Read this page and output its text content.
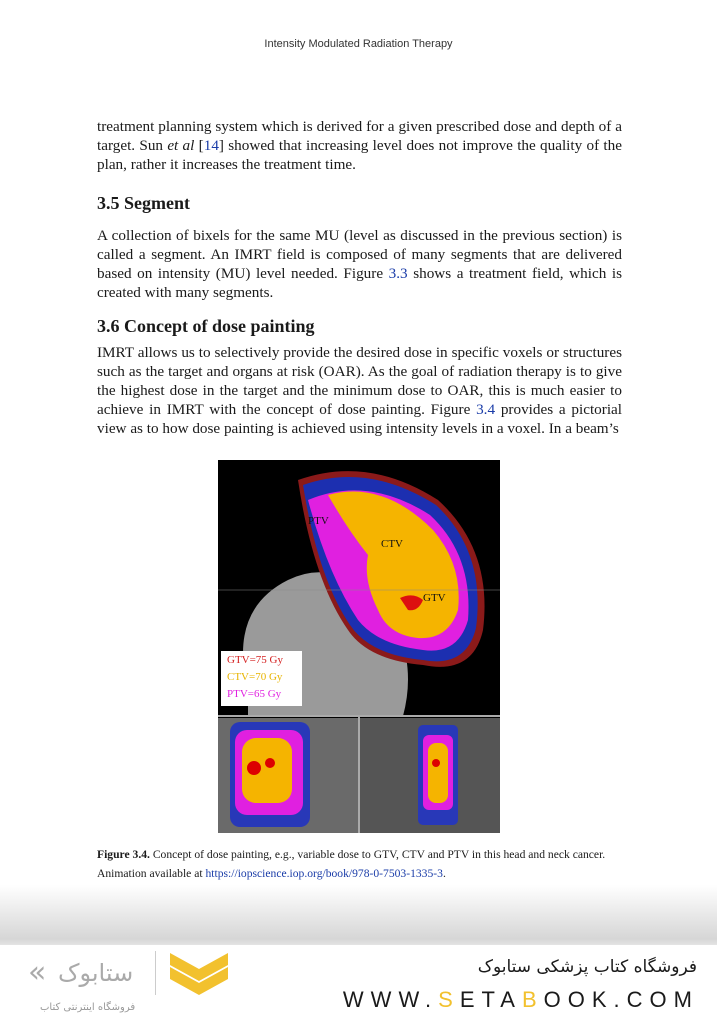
Intensity Modulated Radiation Therapy
treatment planning system which is derived for a given prescribed dose and depth of a target. Sun et al [14] showed that increasing level does not improve the quality of the plan, rather it increases the treatment time.
3.5 Segment
A collection of bixels for the same MU (level as discussed in the previous section) is called a segment. An IMRT field is composed of many segments that are delivered based on intensity (MU) level needed. Figure 3.3 shows a treatment field, which is created with many segments.
3.6 Concept of dose painting
IMRT allows us to selectively provide the desired dose in specific voxels or structures such as the target and organs at risk (OAR). As the goal of radiation therapy is to give the highest dose in the target and the minimum dose to OAR, this is much easier to achieve in IMRT with the concept of dose painting. Figure 3.4 provides a pictorial view as to how dose painting is achieved using intensity levels in a voxel. In a beam’s
PTV
CTV
GTV
GTV=75 Gy
CTV=70 Gy
PTV=65 Gy
Figure 3.4. Concept of dose painting, e.g., variable dose to GTV, CTV and PTV in this head and neck cancer. Animation available at https://iopscience.iop.org/book/978-0-7503-1335-3.
« ستابوک
فروشگاه اینترنتی کتاب
فروشگاه کتاب پزشکی ستابوک
WWW.SETABOOK.COM
